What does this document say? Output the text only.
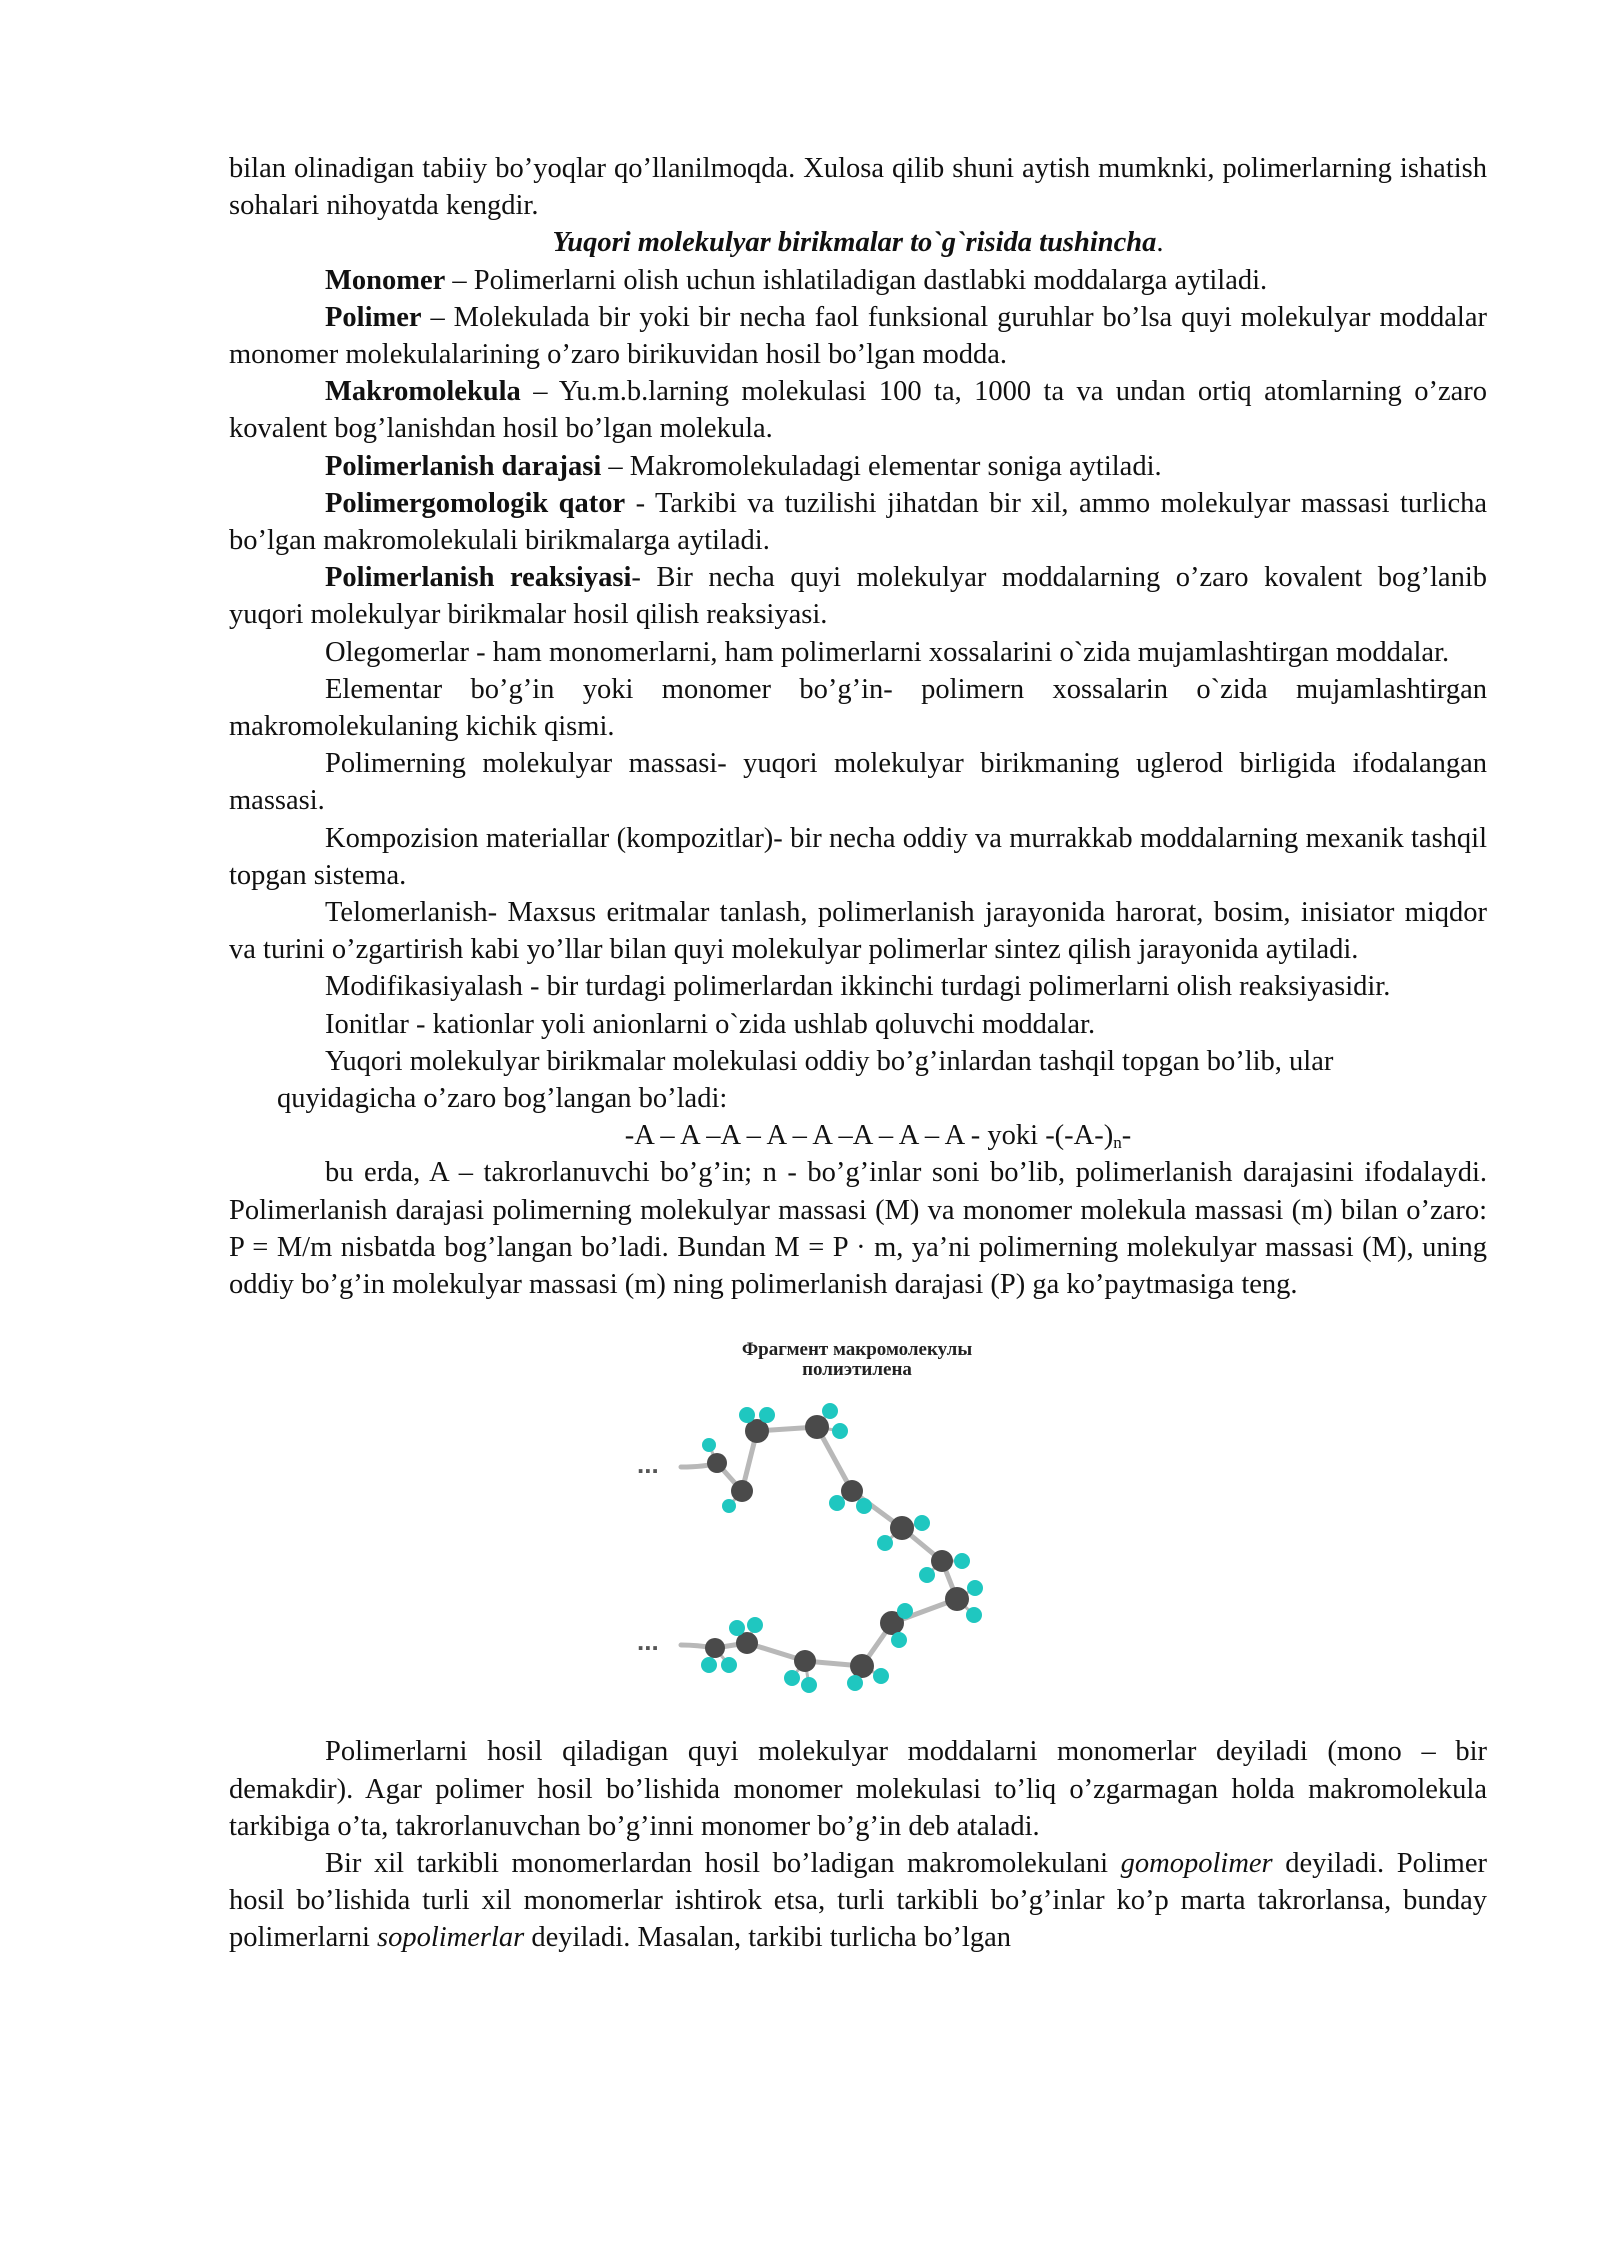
bilan olinadigan tabiiy bo’yoqlar qo’llanilmoqda. Xulosa qilib shuni aytish mumknki, polimerlarning ishatish sohalari nihoyatda kengdir.

Yuqori molekulyar birikmalar to`g`risida tushincha.

Monomer – Polimerlarni olish uchun ishlatiladigan dastlabki moddalarga aytiladi.

Polimer – Molekulada bir yoki bir necha faol funksional guruhlar bo’lsa quyi molekulyar moddalar monomer molekulalarining o’zaro birikuvidan hosil bo’lgan modda.

Makromolekula – Yu.m.b.larning molekulasi 100 ta, 1000 ta va undan ortiq atomlarning o’zaro kovalent bog’lanishdan hosil bo’lgan molekula.

Polimerlanish darajasi – Makromolekuladagi elementar soniga aytiladi.

Polimergomologik qator - Tarkibi va tuzilishi jihatdan bir xil, ammo molekulyar massasi turlicha bo’lgan makromolekulali birikmalarga aytiladi.

Polimerlanish reaksiyasi- Bir necha quyi molekulyar moddalarning o’zaro kovalent bog’lanib yuqori molekulyar birikmalar hosil qilish reaksiyasi.

Olegomerlar - ham monomerlarni, ham polimerlarni xossalarini o`zida mujamlashtirgan moddalar.

Elementar bo’g’in yoki monomer bo’g’in- polimern xossalarin o`zida mujamlashtirgan makromolekulaning kichik qismi.

Polimerning molekulyar massasi- yuqori molekulyar birikmaning uglerod birligida ifodalangan massasi.

Kompozision materiallar (kompozitlar)- bir necha oddiy va murrakkab moddalarning mexanik tashqil topgan sistema.

Telomerlanish- Maxsus eritmalar tanlash, polimerlanish jarayonida harorat, bosim, inisiator miqdor va turini o’zgartirish kabi yo’llar bilan quyi molekulyar polimerlar sintez qilish jarayonida aytiladi.

Modifikasiyalash - bir turdagi polimerlardan ikkinchi turdagi polimerlarni olish reaksiyasidir.

Ionitlar - kationlar yoli anionlarni o`zida ushlab qoluvchi moddalar.

Yuqori molekulyar birikmalar molekulasi oddiy bo’g’inlardan tashqil topgan bo’lib, ular

quyidagicha o’zaro bog’langan bo’ladi:

-A – A –A – A – A –A – A – A - yoki $-(-A-)_n-$

bu erda, A – takrorlanuvchi bo’g’in; n - bo’g’inlar soni bo’lib, polimerlanish darajasini ifodalaydi. Polimerlanish darajasi polimerning molekulyar massasi (M) va monomer molekula massasi (m) bilan o’zaro: P = M/m nisbatda bog’langan bo’ladi. Bundan M = P · m, ya’ni polimerning molekulyar massasi (M), uning oddiy bo’g’in molekulyar massasi (m) ning polimerlanish darajasi (P) ga ko’paytmasiga teng.

Фрагмент макромолекулы
полиэтилена
...
...

Polimerlarni hosil qiladigan quyi molekulyar moddalarni monomerlar deyiladi (mono – bir demakdir). Agar polimer hosil bo’lishida monomer molekulasi to’liq o’zgarmagan holda makromolekula tarkibiga o’ta, takrorlanuvchan bo’g’inni monomer bo’g’in deb ataladi.

Bir xil tarkibli monomerlardan hosil bo’ladigan makromolekulani gomopolimer deyiladi. Polimer hosil bo’lishida turli xil monomerlar ishtirok etsa, turli tarkibli bo’g’inlar ko’p marta takrorlansa, bunday polimerlarni sopolimerlar deyiladi. Masalan, tarkibi turlicha bo’lgan
